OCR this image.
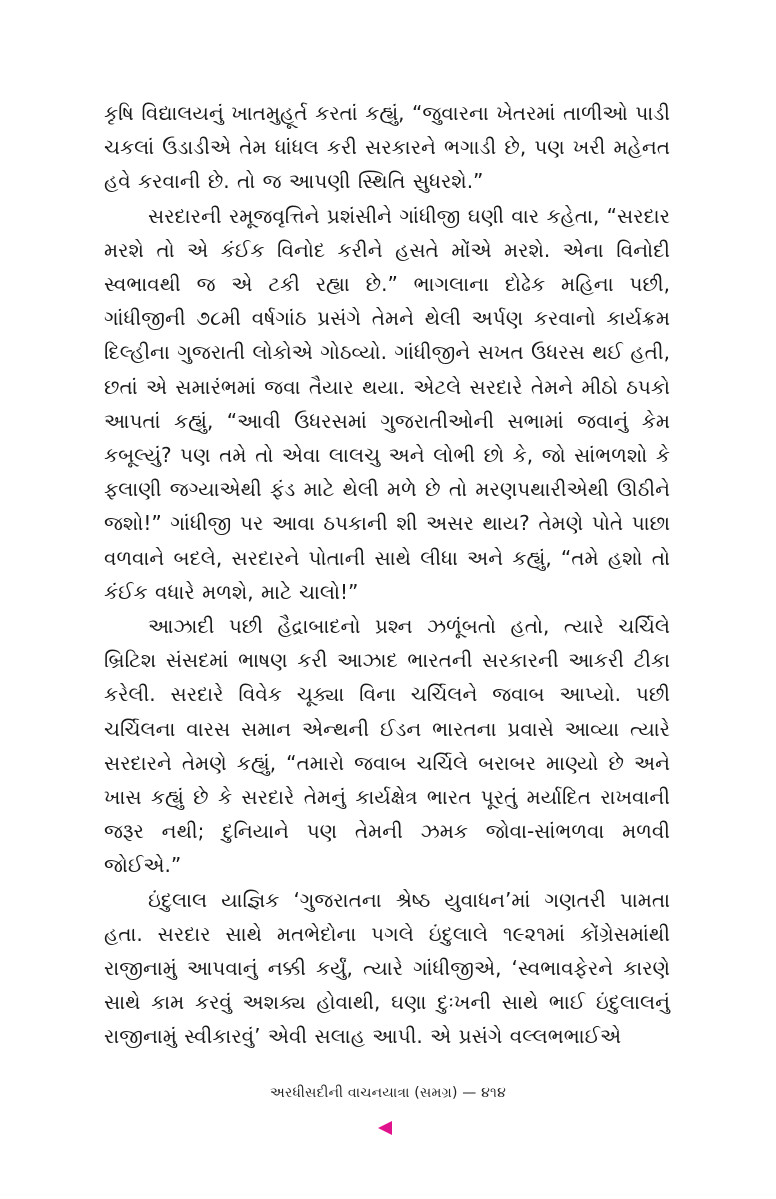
કૃષિ વિદ્યાલયનું ખાતમુહૂર્ત કરતાં કહ્યું, “જુવારના ખેતરમાં તાળીઓ પાડી ચકલાં ઉડાડીએ તેમ ધાંધલ કરી સરકારને ભગાડી છે, પણ ખરી મહેનત હવે કરવાની છે. તો જ આપણી સ્થિતિ સુધરશે.”

સરદારની રમૂજવૃત્તિને પ્રશંસીને ગાંધીજી ઘણી વાર કહેતા, “સરદાર મરશે તો એ કંઈક વિનોદ કરીને હસતે મોંએ મરશે. એના વિનોદી સ્વભાવથી જ એ ટકી રહ્યા છે.” ભાગલાના દોઢેક મહિના પછી, ગાંધીજીની ૭૮મી વર્ષગાંઠ પ્રસંગે તેમને થેલી અર્પણ કરવાનો કાર્યક્રમ દિલ્હીના ગુજરાતી લોકોએ ગોઠવ્યો. ગાંધીજીને સખત ઉધરસ થઈ હતી, છતાં એ સમારંભમાં જવા તૈયાર થયા. એટલે સરદારે તેમને મીઠો ઠપકો આપતાં કહ્યું, “આવી ઉધરસમાં ગુજરાતીઓની સભામાં જવાનું કેમ કબૂલ્યું? પણ તમે તો એવા લાલચુ અને લોભી છો કે, જો સાંભળશો કે ફલાણી જગ્યાએથી ફંડ માટે થેલી મળે છે તો મરણપથારીએથી ઊઠીને જશો!” ગાંધીજી પર આવા ઠપકાની શી અસર થાય? તેમણે પોતે પાછા વળવાને બદલે, સરદારને પોતાની સાથે લીધા અને કહ્યું, “તમે હશો તો કંઈક વધારે મળશે, માટે ચાલો!”

આઝાદી પછી હૈદ્રાબાદનો પ્રશ્ન ઝળૂંબતો હતો, ત્યારે ચર્ચિલે બ્રિટિશ સંસદમાં ભાષણ કરી આઝાદ ભારતની સરકારની આકરી ટીકા કરેલી. સરદારે વિવેક ચૂક્યા વિના ચર્ચિલને જવાબ આપ્યો. પછી ચર્ચિલના વારસ સમાન એન્થની ઈડન ભારતના પ્રવાસે આવ્યા ત્યારે સરદારને તેમણે કહ્યું, “તમારો જવાબ ચર્ચિલે બરાબર માણ્યો છે અને ખાસ કહ્યું છે કે સરદારે તેમનું કાર્યક્ષેત્ર ભારત પૂરતું મર્યાદિત રાખવાની જરૂર નથી; દુનિયાને પણ તેમની ઝમક જોવા-સાંભળવા મળવી જોઈએ.”

ઇંદુલાલ યાજ્ઞિક ‘ગુજરાતના શ્રેષ્ઠ યુવાધન’માં ગણતરી પામતા હતા. સરદાર સાથે મતભેદોના પગલે ઇંદુલાલે ૧૯૨૧માં કોંગ્રેસમાંથી રાજીનામું આપવાનું નક્કી કર્યું, ત્યારે ગાંધીજીએ, ‘સ્વભાવફેરને કારણે સાથે કામ કરવું અશક્ય હોવાથી, ઘણા દુઃખની સાથે ભાઈ ઇંદુલાલનું રાજીનામું સ્વીકારવું’ એવી સલાહ આપી. એ પ્રસંગે વલ્લભભાઈએ

અરધીસદીની વાચનયાત્રા (સમગ્ર) — ૪૧૪
